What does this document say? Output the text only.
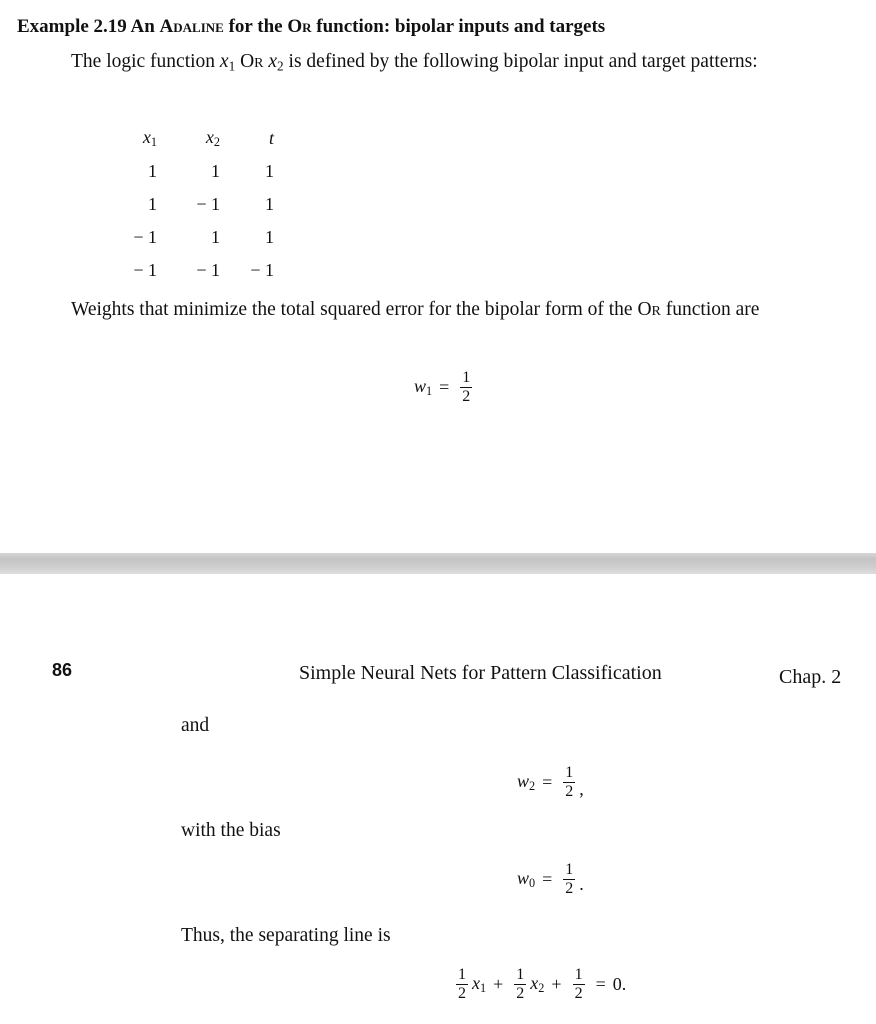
Example 2.19 An Adaline for the Or function: bipolar inputs and targets
The logic function $x_1$ Or $x_2$ is defined by the following bipolar input and target patterns:
$x_1$	$x_2$	t
1	1	1
1	− 1	1
− 1	1	1
− 1	− 1	− 1
Weights that minimize the total squared error for the bipolar form of the Or function are
$w_1 = \frac{1}{2}$
86	Simple Neural Nets for Pattern Classification	Chap. 2
and
$w_2 = \frac{1}{2}$ ,
with the bias
$w_0 = \frac{1}{2}$ .
Thus, the separating line is
$\frac{1}{2} x_1 + \frac{1}{2} x_2 + \frac{1}{2} = 0$.
